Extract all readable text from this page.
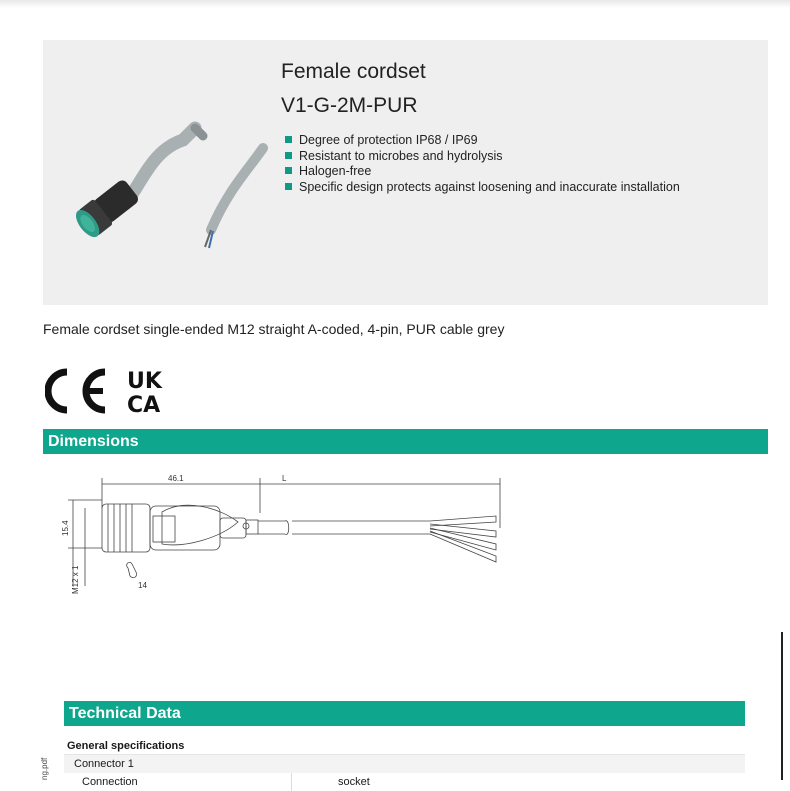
Female cordset
V1-G-2M-PUR
Degree of protection IP68 / IP69
Resistant to microbes and hydrolysis
Halogen-free
Specific design protects against loosening and inaccurate installation
Female cordset single-ended M12 straight A-coded, 4-pin, PUR cable grey
UK
CA
Dimensions
46.1	L
15.4
M12 x 1	14
Technical Data
General specifications
Connector 1
Connection	socket
ng.pdf
